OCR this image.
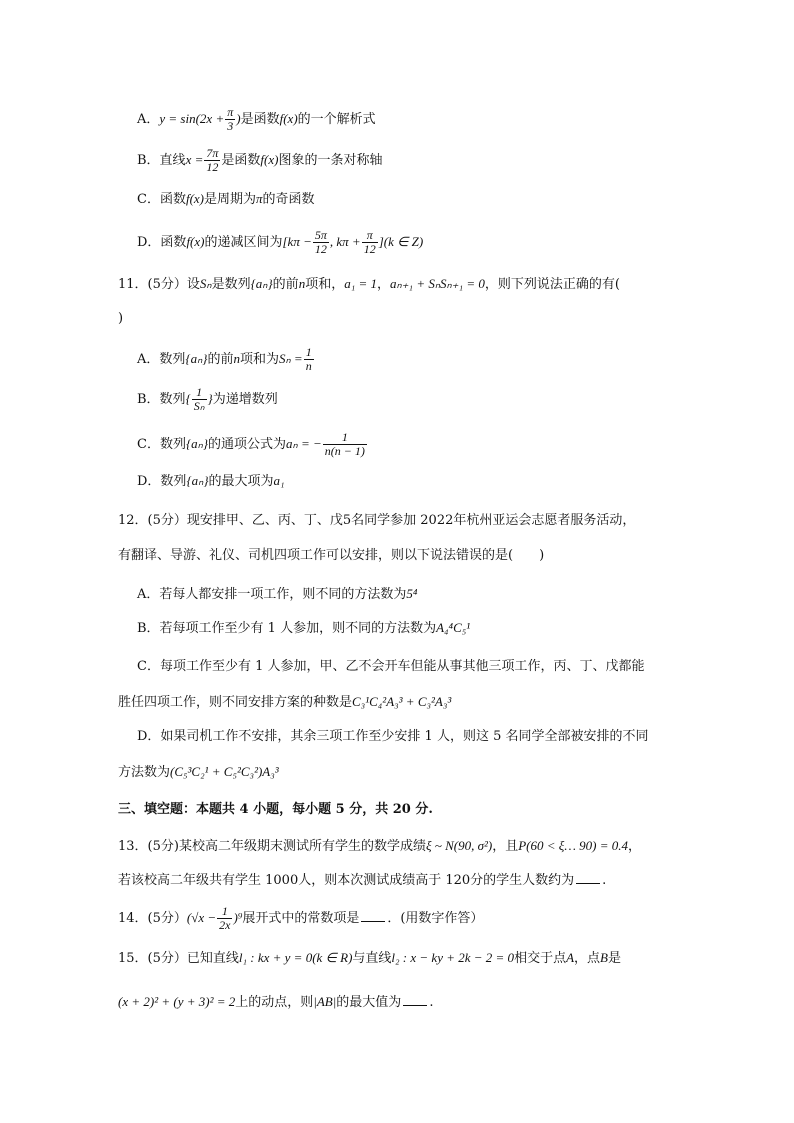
A．$y = \sin(2x + \frac{\pi}{3}$ )是函数f(x)的一个解析式
B．直线$x = \frac{7\pi}{12}$ 是函数f(x)图象的一条对称轴
C．函数f(x)是周期为π的奇函数
D．函数f(x)的递减区间为[$k\pi - \frac{5\pi}{12}$ , $k\pi + \frac{\pi}{12} ](k$ ∈ Z)
11．(5分）设Sₙ是数列{aₙ}的前n项和，a₁ = 1，aₙ₊₁ + SₙSₙ₊₁ = 0，则下列说法正确的有(
)
A．数列{aₙ}的前n项和为$S_n = \frac{1}{n}$
B．数列{ $\frac{1}{\text{Sₙ}}$ }为递增数列
C．数列{aₙ}的通项公式为aₙ = − $\frac{1}{n(n - 1)}$
D．数列{aₙ}的最大项为a₁
12．(5分）现安排甲、乙、丙、丁、戊5名同学参加 2022年杭州亚运会志愿者服务活动，
有翻译、导游、礼仪、司机四项工作可以安排，则以下说法错误的是(　　)
A．若每人都安排一项工作，则不同的方法数为5⁴
B．若每项工作至少有 1 人参加，则不同的方法数为A₄⁴C₅¹
C．每项工作至少有 1 人参加，甲、乙不会开车但能从事其他三项工作，丙、丁、戊都能
胜任四项工作，则不同安排方案的种数是C₃¹C₄²A₃³ + C₃²A₃³
D．如果司机工作不安排，其余三项工作至少安排 1 人，则这 5 名同学全部被安排的不同
方法数为(C₅³C₂¹ + C₅²C₃²)A₃³
三、填空题：本题共 4 小题，每小题 5 分，共 20 分.
13．(5分)某校高二年级期末测试所有学生的数学成绩ξ ~ N(90, σ²)，且P(60 < ξ… 90) = 0.4，
若该校高二年级共有学生 1000人，则本次测试成绩高于 120分的学生人数约为 .
14．(5分）$(√x - \frac{1}{2x} )^9$展开式中的常数项是 ．(用数字作答）
15．(5分）已知直线l₁ : kx + y = 0(k ∈ R)与直线l₂ : x − ky + 2k − 2 = 0相交于点A，点B是
(x + 2)² + (y + 3)² = 2上的动点，则|AB|的最大值为 .
